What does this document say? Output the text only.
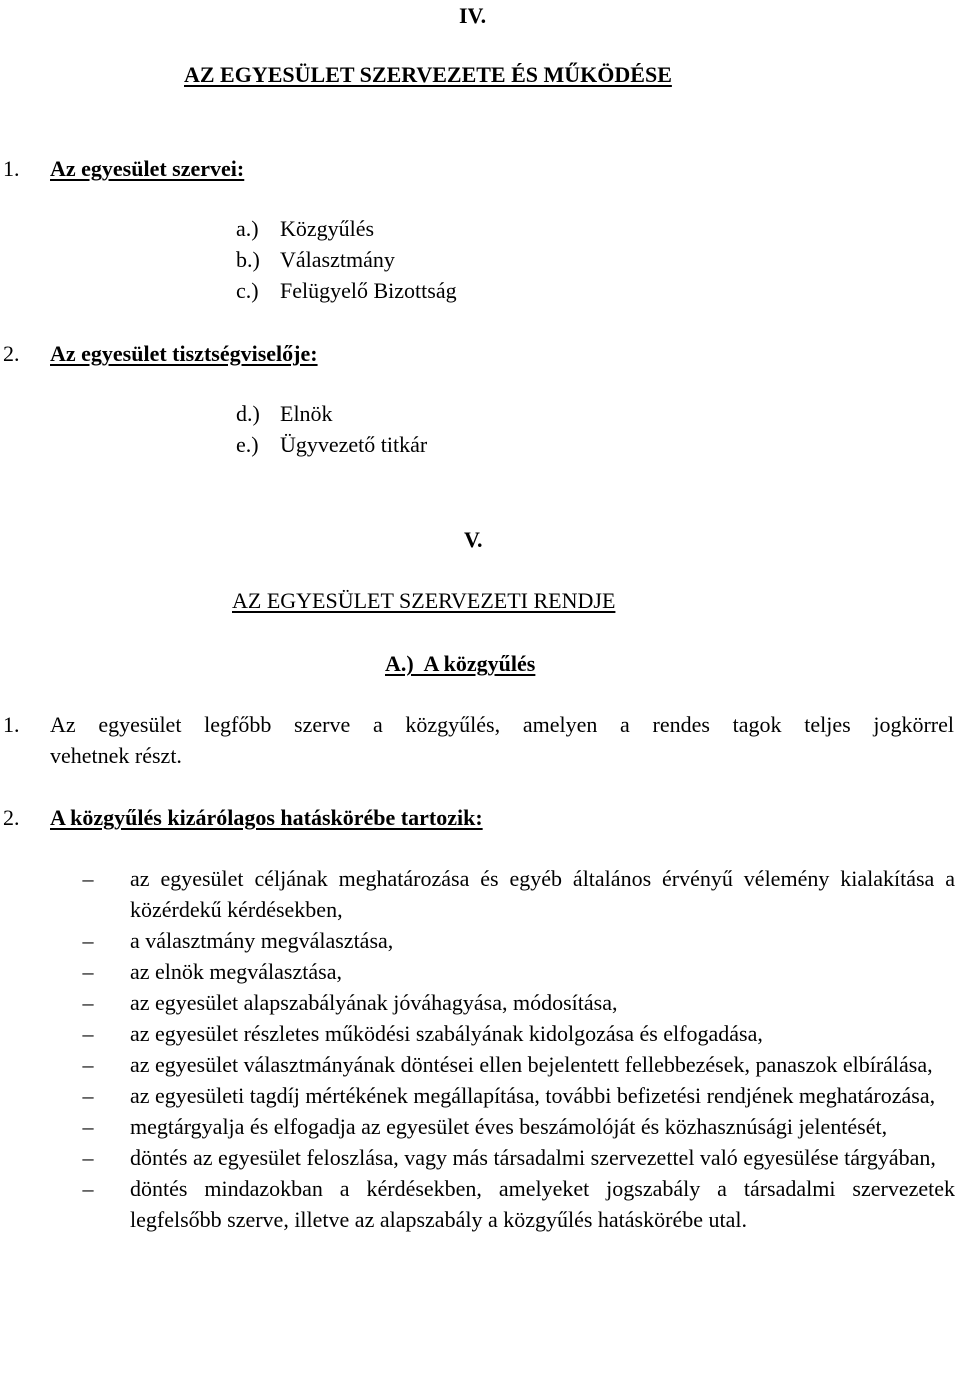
IV.
AZ EGYESÜLET SZERVEZETE ÉS MŰKÖDÉSE
1. Az egyesület szervei:
a.) Közgyűlés
b.) Választmány
c.) Felügyelő Bizottság
2. Az egyesület tisztségviselője:
d.) Elnök
e.) Ügyvezető titkár
V.
AZ EGYESÜLET SZERVEZETI RENDJE
A.)  A közgyűlés
1. Az egyesület legfőbb szerve a közgyűlés, amelyen a rendes tagok teljes jogkörrel
vehetnek részt.
2. A közgyűlés kizárólagos hatáskörébe tartozik:
– az egyesület céljának meghatározása és egyéb általános érvényű vélemény kialakítása a közérdekű kérdésekben,
– a választmány megválasztása,
– az elnök megválasztása,
– az egyesület alapszabályának jóváhagyása, módosítása,
– az egyesület részletes működési szabályának kidolgozása és elfogadása,
– az egyesület választmányának döntései ellen bejelentett fellebbezések, panaszok elbírálása,
– az egyesületi tagdíj mértékének megállapítása, további befizetési rendjének meghatározása,
– megtárgyalja és elfogadja az egyesület éves beszámolóját és közhasznúsági jelentését,
– döntés az egyesület feloszlása, vagy más társadalmi szervezettel való egyesülése tárgyában,
– döntés mindazokban a kérdésekben, amelyeket jogszabály a társadalmi szervezetek legfelsőbb szerve, illetve az alapszabály a közgyűlés hatáskörébe utal.
